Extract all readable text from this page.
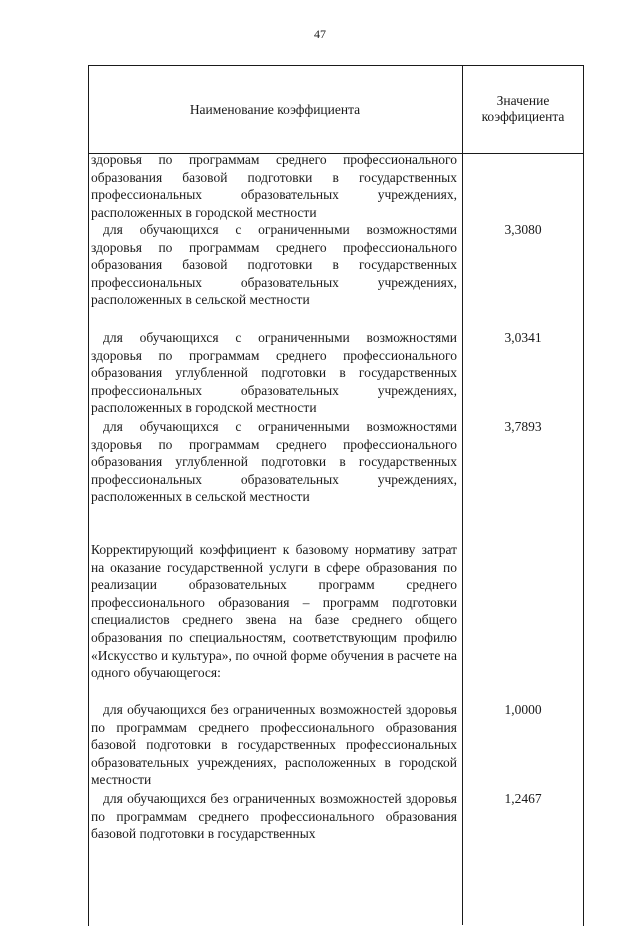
47
Наименование коэффициента
Значение
коэффициента

здоровья по программам среднего профессионального образования базовой подготовки в государственных профессиональных образовательных учреждениях, расположенных в городской местности

для обучающихся с ограниченными возможностями здоровья по программам среднего профессионального образования базовой подготовки в государственных профессиональных образовательных учреждениях, расположенных в сельской местности

3,3080

для обучающихся с ограниченными возможностями здоровья по программам среднего профессионального образования углубленной подготовки в государственных профессиональных образовательных учреждениях, расположенных в городской местности

3,0341

для обучающихся с ограниченными возможностями здоровья по программам среднего профессионального образования углубленной подготовки в государственных профессиональных образовательных учреждениях, расположенных в сельской местности

3,7893

Корректирующий коэффициент к базовому нормативу затрат на оказание государственной услуги в сфере образования по реализации образовательных программ среднего профессионального образования – программ подготовки специалистов среднего звена на базе среднего общего образования по специальностям, соответствующим профилю «Искусство и культура», по очной форме обучения в расчете на одного обучающегося:

для обучающихся без ограниченных возможностей здоровья по программам среднего профессионального образования базовой подготовки в государственных профессиональных образовательных учреждениях, расположенных в городской местности

1,0000

для обучающихся без ограниченных возможностей здоровья по программам среднего профессионального образования базовой подготовки в государственных

1,2467
